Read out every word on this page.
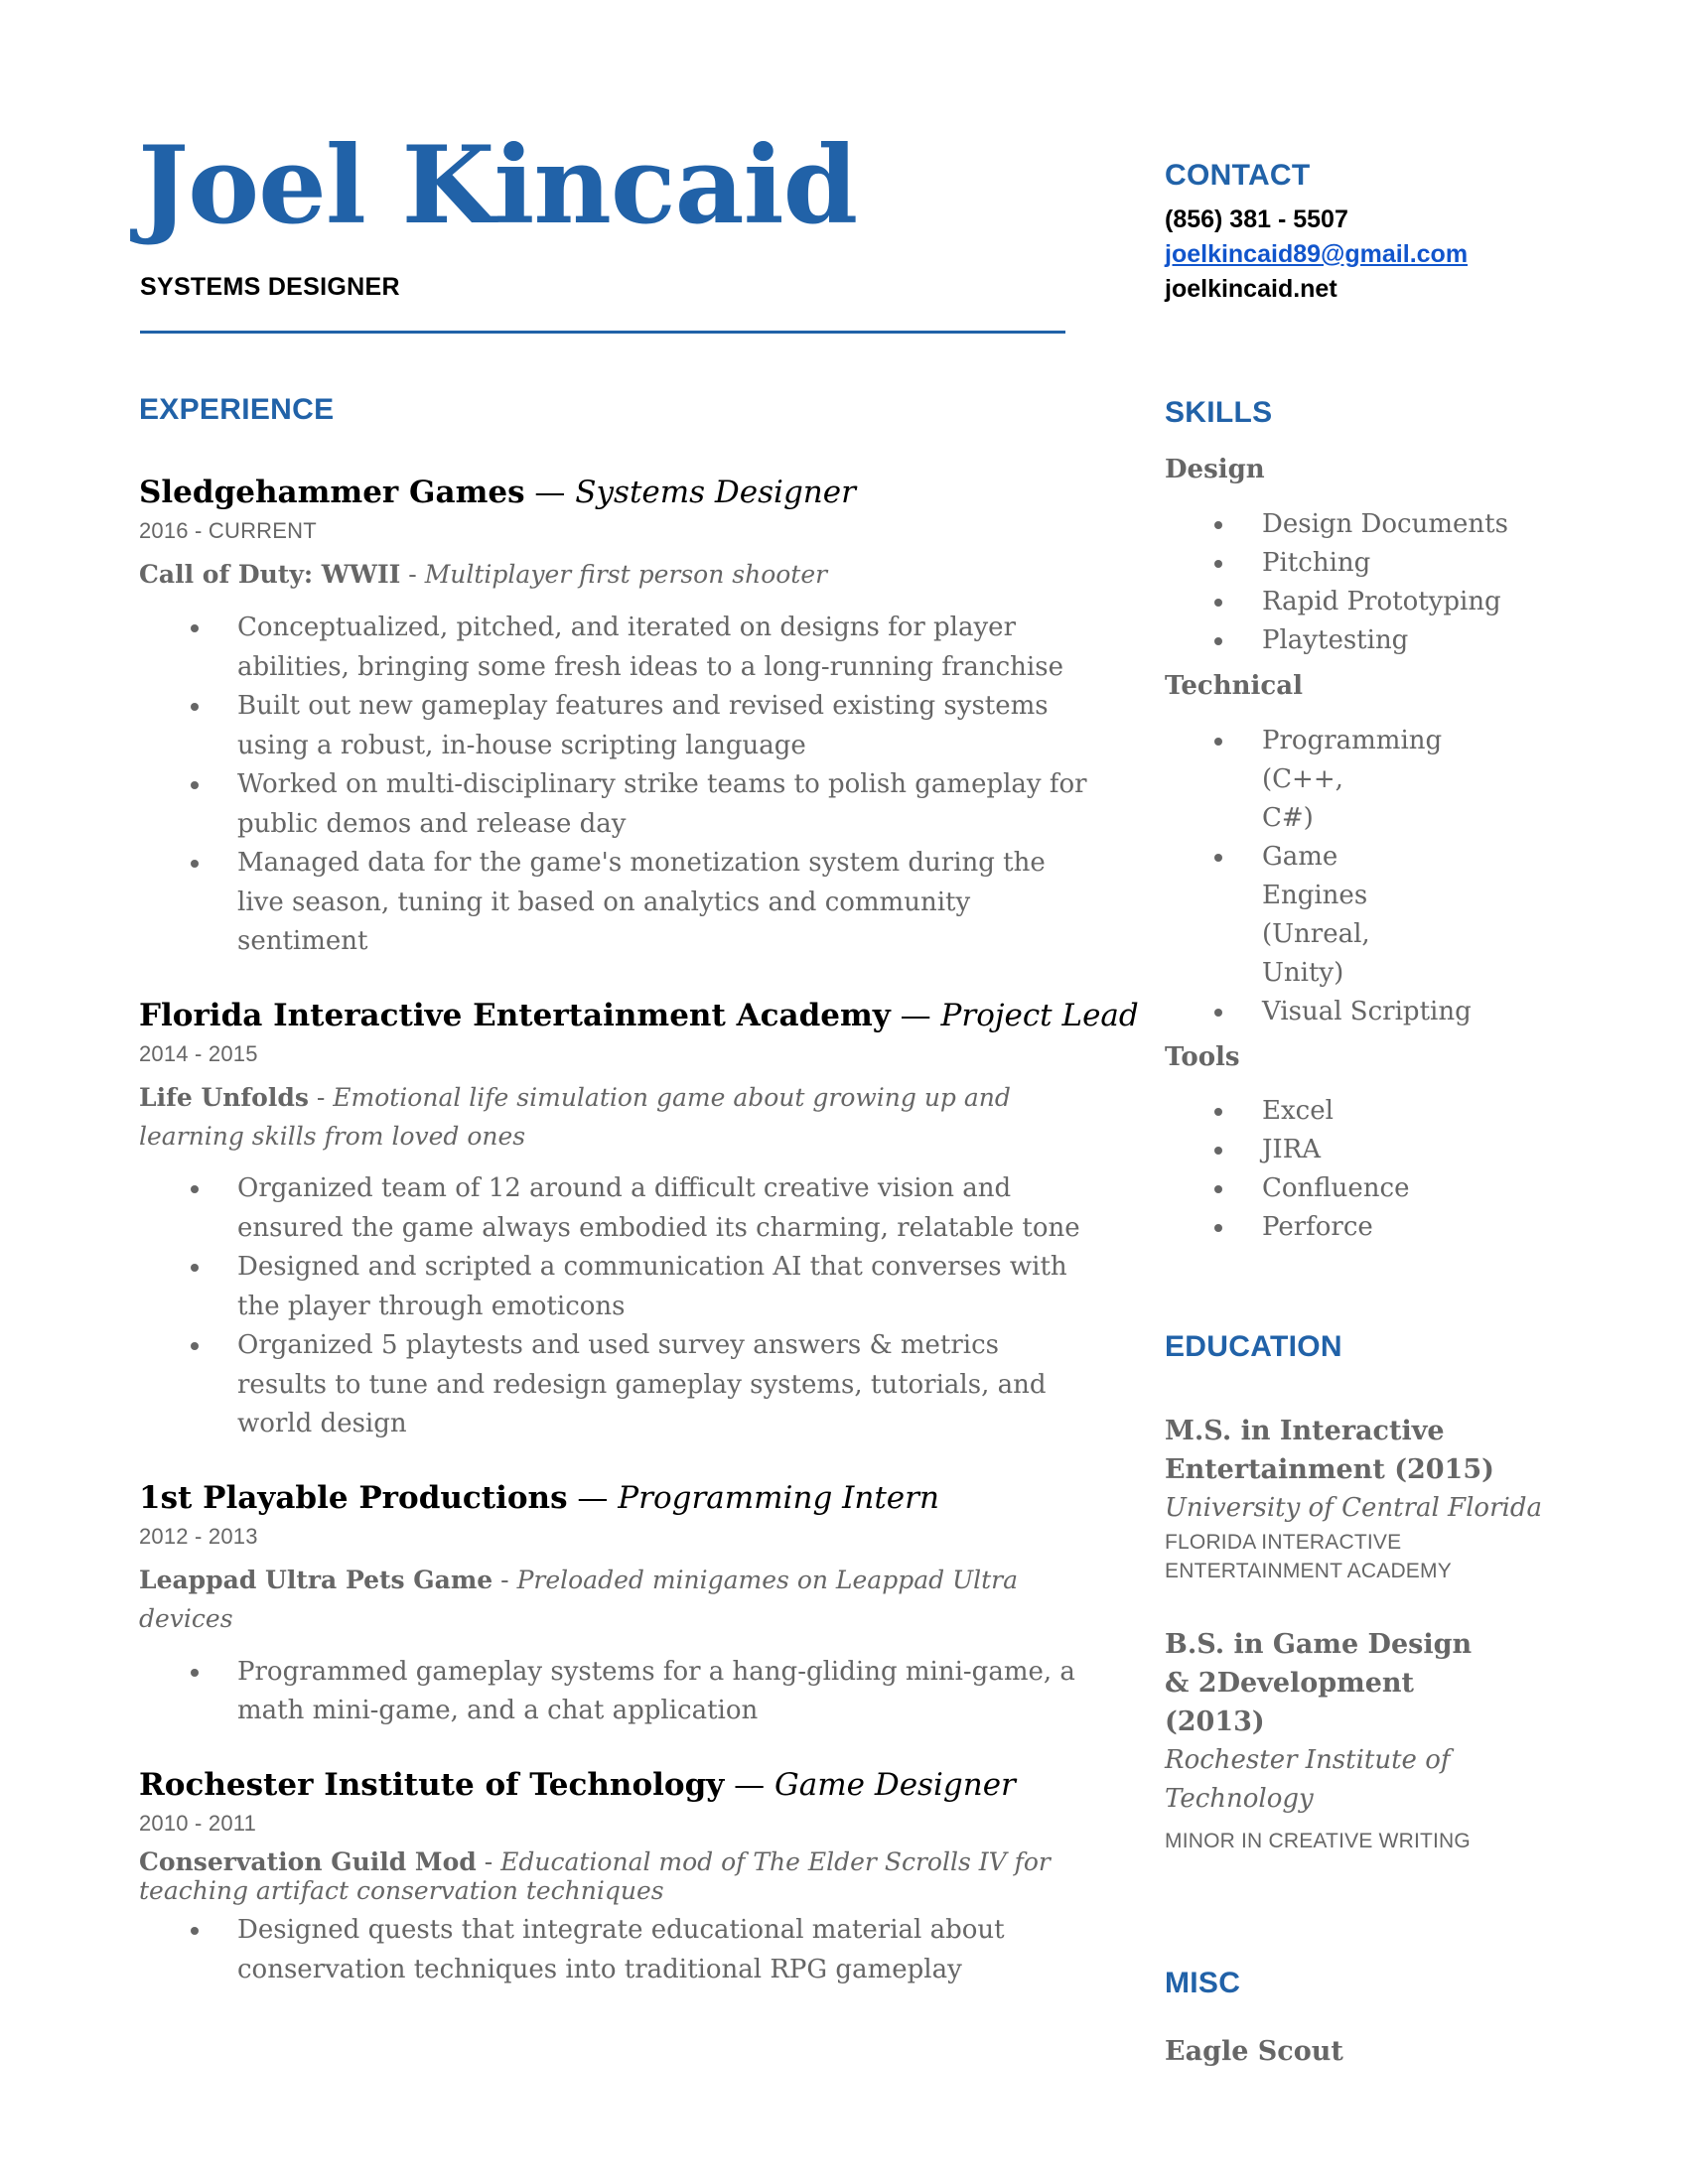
Joel Kincaid
SYSTEMS DESIGNER
EXPERIENCE
Sledgehammer Games — Systems Designer
2016 - CURRENT
Call of Duty: WWII - Multiplayer first person shooter
Conceptualized, pitched, and iterated on designs for player abilities, bringing some fresh ideas to a long-running franchise
Built out new gameplay features and revised existing systems using a robust, in-house scripting language
Worked on multi-disciplinary strike teams to polish gameplay for public demos and release day
Managed data for the game's monetization system during the live season, tuning it based on analytics and community sentiment
Florida Interactive Entertainment Academy — Project Lead
2014 - 2015
Life Unfolds - Emotional life simulation game about growing up and learning skills from loved ones
Organized team of 12 around a difficult creative vision and ensured the game always embodied its charming, relatable tone
Designed and scripted a communication AI that converses with the player through emoticons
Organized 5 playtests and used survey answers & metrics results to tune and redesign gameplay systems, tutorials, and world design
1st Playable Productions — Programming Intern
2012 - 2013
Leappad Ultra Pets Game - Preloaded minigames on Leappad Ultra devices
Programmed gameplay systems for a hang-gliding mini-game, a math mini-game, and a chat application
Rochester Institute of Technology — Game Designer
2010 - 2011
Conservation Guild Mod - Educational mod of The Elder Scrolls IV for teaching artifact conservation techniques
Designed quests that integrate educational material about conservation techniques into traditional RPG gameplay
CONTACT
(856) 381 - 5507
joelkincaid89@gmail.com
joelkincaid.net
SKILLS
Design
Design Documents
Pitching
Rapid Prototyping
Playtesting
Technical
Programming (C++, C#)
Game Engines (Unreal, Unity)
Visual Scripting
Tools
Excel
JIRA
Confluence
Perforce
EDUCATION
M.S. in Interactive Entertainment (2015)
University of Central Florida
FLORIDA INTERACTIVE ENTERTAINMENT ACADEMY
B.S. in Game Design & 2Development (2013)
Rochester Institute of Technology
MINOR IN CREATIVE WRITING
MISC
Eagle Scout
